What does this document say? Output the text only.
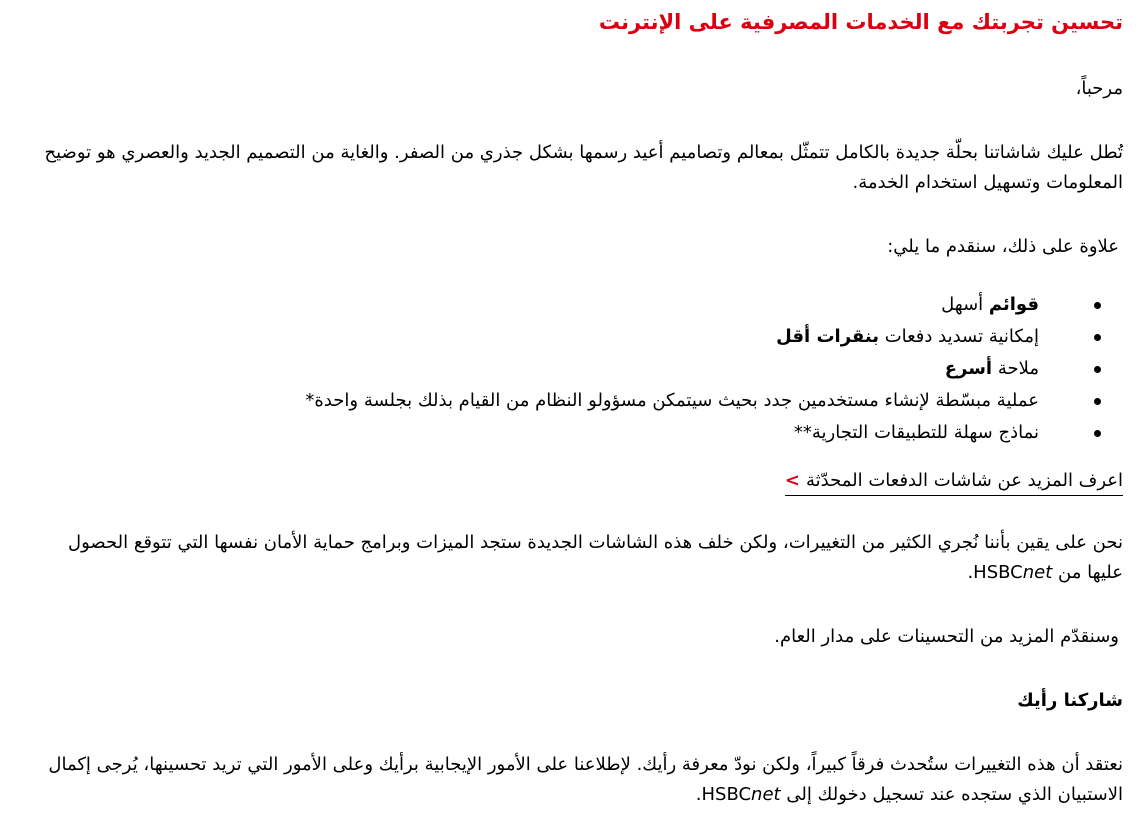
تحسين تجربتك مع الخدمات المصرفية على الإنترنت

مرحباً،

تُطل عليك شاشاتنا بحلّة جديدة بالكامل تتمثّل بمعالم وتصاميم أعيد رسمها بشكل جذري من الصفر. والغاية من التصميم الجديد والعصري هو توضيح المعلومات وتسهيل استخدام الخدمة.

علاوة على ذلك، سنقدم ما يلي:

قوائم أسهل
إمكانية تسديد دفعات بنقرات أقل
ملاحة أسرع
عملية مبسّطة لإنشاء مستخدمين جدد بحيث سيتمكن مسؤولو النظام من القيام بذلك بجلسة واحدة*
نماذج سهلة للتطبيقات التجارية**
اعرف المزيد عن شاشات الدفعات المحدّثة>

نحن على يقين بأننا نُجري الكثير من التغييرات، ولكن خلف هذه الشاشات الجديدة ستجد الميزات وبرامج حماية الأمان نفسها التي تتوقع الحصول عليها من HSBCnet.

وسنقدّم المزيد من التحسينات على مدار العام.

شاركنا رأيك

نعتقد أن هذه التغييرات ستُحدث فرقاً كبيراً، ولكن نودّ معرفة رأيك. لإطلاعنا على الأمور الإيجابية برأيك وعلى الأمور التي تريد تحسينها، يُرجى إكمال الاستبيان الذي ستجده عند تسجيل دخولك إلى HSBCnet.
